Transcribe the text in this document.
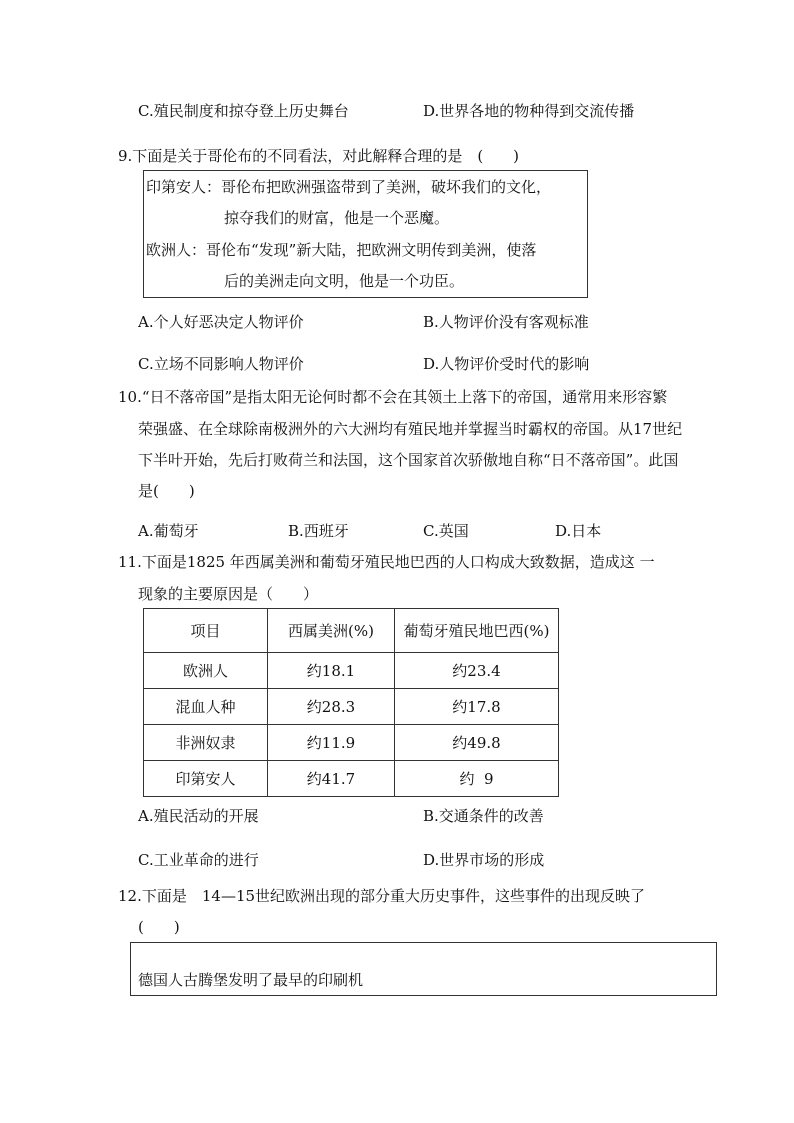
C.殖民制度和掠夺登上历史舞台	D.世界各地的物种得到交流传播
9.下面是关于哥伦布的不同看法，对此解释合理的是　(　　)
印第安人：哥伦布把欧洲强盗带到了美洲，破坏我们的文化，
掠夺我们的财富，他是一个恶魔。
欧洲人：哥伦布“发现”新大陆，把欧洲文明传到美洲，使落
后的美洲走向文明，他是一个功臣。
A.个人好恶决定人物评价	B.人物评价没有客观标准
C.立场不同影响人物评价	D.人物评价受时代的影响
10.“日不落帝国”是指太阳无论何时都不会在其领土上落下的帝国，通常用来形容繁
荣强盛、在全球除南极洲外的六大洲均有殖民地并掌握当时霸权的帝国。从17世纪
下半叶开始，先后打败荷兰和法国，这个国家首次骄傲地自称“日不落帝国”。此国
是(　　)
A.葡萄牙	B.西班牙	C.英国	D.日本
11.下面是1825 年西属美洲和葡萄牙殖民地巴西的人口构成大致数据，造成这 一
现象的主要原因是（　　）
项目	西属美洲(%)	葡萄牙殖民地巴西(%)
欧洲人	约18.1	约23.4
混血人种	约28.3	约17.8
非洲奴隶	约11.9	约49.8
印第安人	约41.7	约  9
A.殖民活动的开展	B.交通条件的改善
C.工业革命的进行	D.世界市场的形成
12.下面是　14—15世纪欧洲出现的部分重大历史事件，这些事件的出现反映了
(　　)
德国人古腾堡发明了最早的印刷机
